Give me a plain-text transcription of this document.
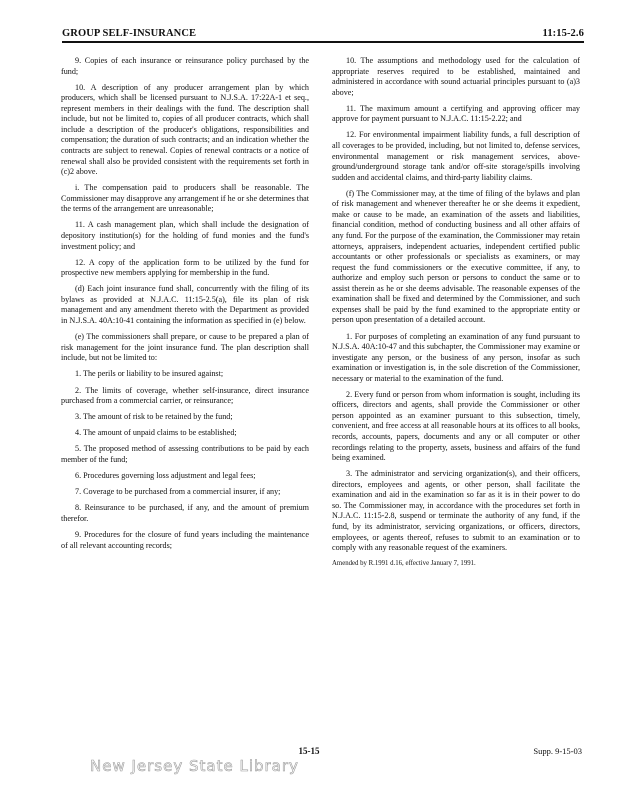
GROUP SELF-INSURANCE	11:15-2.6

9. Copies of each insurance or reinsurance policy purchased by the fund;

10. A description of any producer arrangement plan by which producers, which shall be licensed pursuant to N.J.S.A. 17:22A-1 et seq., represent members in their dealings with the fund. The description shall include, but not be limited to, copies of all producer contracts, which shall include a description of the producer's obligations, responsibilities and compensation; the duration of such contracts; and an indication whether the contracts are subject to renewal. Copies of renewal contracts or a notice of renewal shall also be provided consistent with the requirements set forth in (c)2 above.

i. The compensation paid to producers shall be reasonable. The Commissioner may disapprove any arrangement if he or she determines that the terms of the arrangement are unreasonable;

11. A cash management plan, which shall include the designation of depository institution(s) for the holding of fund monies and the fund's investment policy; and

12. A copy of the application form to be utilized by the fund for prospective new members applying for membership in the fund.

(d) Each joint insurance fund shall, concurrently with the filing of its bylaws as provided at N.J.A.C. 11:15-2.5(a), file its plan of risk management and any amendment thereto with the Department as provided in N.J.S.A. 40A:10-41 containing the information as specified in (e) below.

(e) The commissioners shall prepare, or cause to be prepared a plan of risk management for the joint insurance fund. The plan description shall include, but not be limited to:

1. The perils or liability to be insured against;

2. The limits of coverage, whether self-insurance, direct insurance purchased from a commercial carrier, or reinsurance;

3. The amount of risk to be retained by the fund;

4. The amount of unpaid claims to be established;

5. The proposed method of assessing contributions to be paid by each member of the fund;

6. Procedures governing loss adjustment and legal fees;

7. Coverage to be purchased from a commercial insurer, if any;

8. Reinsurance to be purchased, if any, and the amount of premium therefor.

9. Procedures for the closure of fund years including the maintenance of all relevant accounting records;

10. The assumptions and methodology used for the calculation of appropriate reserves required to be established, maintained and administered in accordance with sound actuarial principles pursuant to (a)3 above;

11. The maximum amount a certifying and approving officer may approve for payment pursuant to N.J.A.C. 11:15-2.22; and

12. For environmental impairment liability funds, a full description of all coverages to be provided, including, but not limited to, defense services, environmental management or risk management services, above-ground/underground storage tank and/or off-site storage/spills involving sudden and accidental claims, and third-party liability claims.

(f) The Commissioner may, at the time of filing of the bylaws and plan of risk management and whenever thereafter he or she deems it expedient, make or cause to be made, an examination of the assets and liabilities, financial condition, method of conducting business and all other affairs of any fund. For the purpose of the examination, the Commissioner may retain attorneys, appraisers, independent actuaries, independent certified public accountants or other professionals or specialists as examiners, or may request the fund commissioners or the executive committee, if any, to authorize and employ such person or persons to conduct the same or to assist therein as he or she deems advisable. The reasonable expenses of the examination shall be fixed and determined by the Commissioner, and such expenses shall be paid by the fund examined to the appropriate entity or person upon presentation of a detailed account.

1. For purposes of completing an examination of any fund pursuant to N.J.S.A. 40A:10-47 and this subchapter, the Commissioner may examine or investigate any person, or the business of any person, insofar as such examination or investigation is, in the sole discretion of the Commissioner, necessary or material to the examination of the fund.

2. Every fund or person from whom information is sought, including its officers, directors and agents, shall provide the Commissioner or other person appointed as an examiner pursuant to this subsection, timely, convenient, and free access at all reasonable hours at its offices to all books, records, accounts, papers, documents and any or all computer or other recordings relating to the property, assets, business and affairs of the fund being examined.

3. The administrator and servicing organization(s), and their officers, directors, employees and agents, or other person, shall facilitate the examination and aid in the examination so far as it is in their power to do so. The Commissioner may, in accordance with the procedures set forth in N.J.A.C. 11:15-2.8, suspend or terminate the authority of any fund, if the fund, by its administrator, servicing organizations, or officers, directors, employees, or agents thereof, refuses to submit to an examination or to comply with any reasonable request of the examiners.

Amended by R.1991 d.16, effective January 7, 1991.

15-15	Supp. 9-15-03
New Jersey State Library
